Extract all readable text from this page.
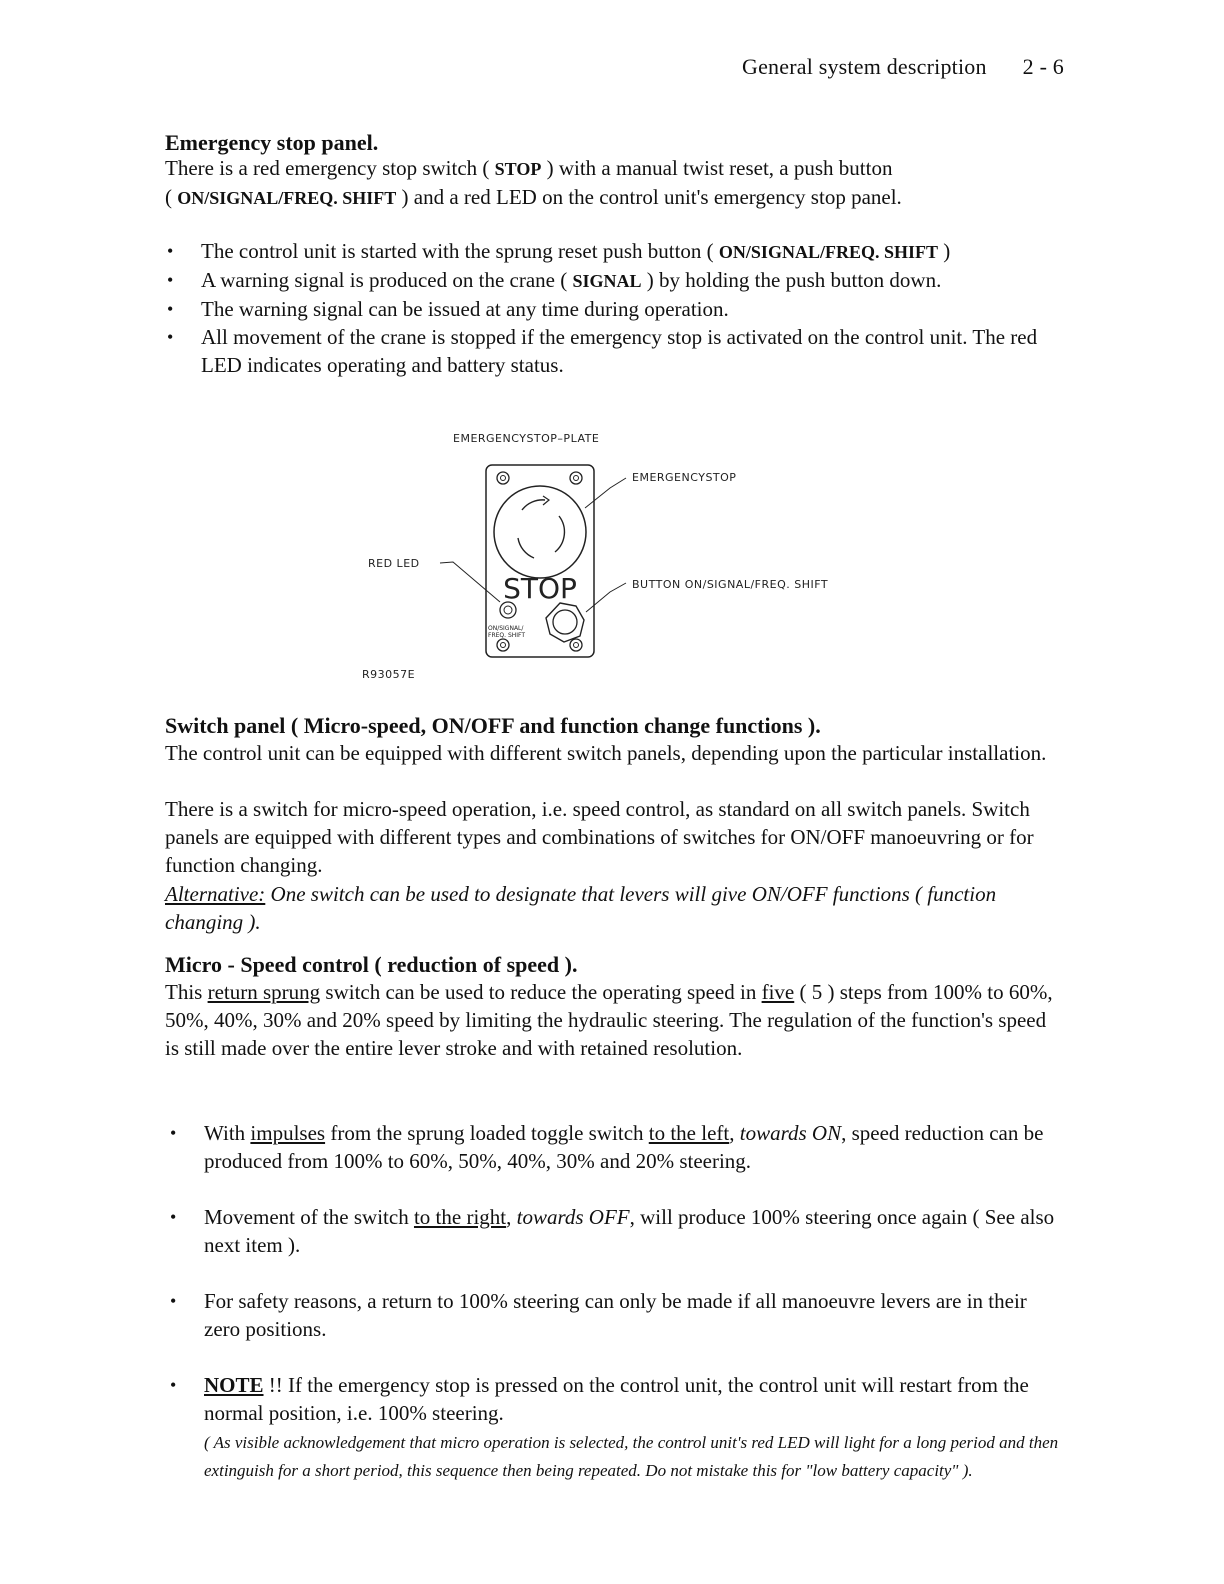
General system description 2 - 6
Emergency stop panel.

There is a red emergency stop switch ( STOP ) with a manual twist reset, a push button
( ON/SIGNAL/FREQ. SHIFT ) and a red LED on the control unit's emergency stop panel.

• The control unit is started with the sprung reset push button ( ON/SIGNAL/FREQ. SHIFT )
• A warning signal is produced on the crane ( SIGNAL ) by holding the push button down.
• The warning signal can be issued at any time during operation.
• All movement of the crane is stopped if the emergency stop is activated on the control unit. The red LED indicates operating and battery status.
EMERGENCYSTOP–PLATE
STOP
ON/SIGNAL/
FREQ. SHIFT
EMERGENCYSTOP
BUTTON ON/SIGNAL/FREQ. SHIFT
RED LED
R93057E
Switch panel ( Micro-speed, ON/OFF and function change functions ).

The control unit can be equipped with different switch panels, depending upon the particular installation.

There is a switch for micro-speed operation, i.e. speed control, as standard on all switch panels. Switch panels are equipped with different types and combinations of switches for ON/OFF manoeuvring or for function changing.

Alternative: One switch can be used to designate that levers will give ON/OFF functions ( function changing ).

Micro - Speed control ( reduction of speed ).

This return sprung switch can be used to reduce the operating speed in five ( 5 ) steps from 100% to 60%, 50%, 40%, 30% and 20% speed by limiting the hydraulic steering. The regulation of the function's speed is still made over the entire lever stroke and with retained resolution.

• With impulses from the sprung loaded toggle switch to the left, towards ON, speed reduction can be produced from 100% to 60%, 50%, 40%, 30% and 20% steering.
• Movement of the switch to the right, towards OFF, will produce 100% steering once again ( See also next item ).
• For safety reasons, a return to 100% steering can only be made if all manoeuvre levers are in their zero positions.
• NOTE !! If the emergency stop is pressed on the control unit, the control unit will restart from the normal position, i.e. 100% steering.
( As visible acknowledgement that micro operation is selected, the control unit's red LED will light for a long period and then extinguish for a short period, this sequence then being repeated. Do not mistake this for "low battery capacity" ).
